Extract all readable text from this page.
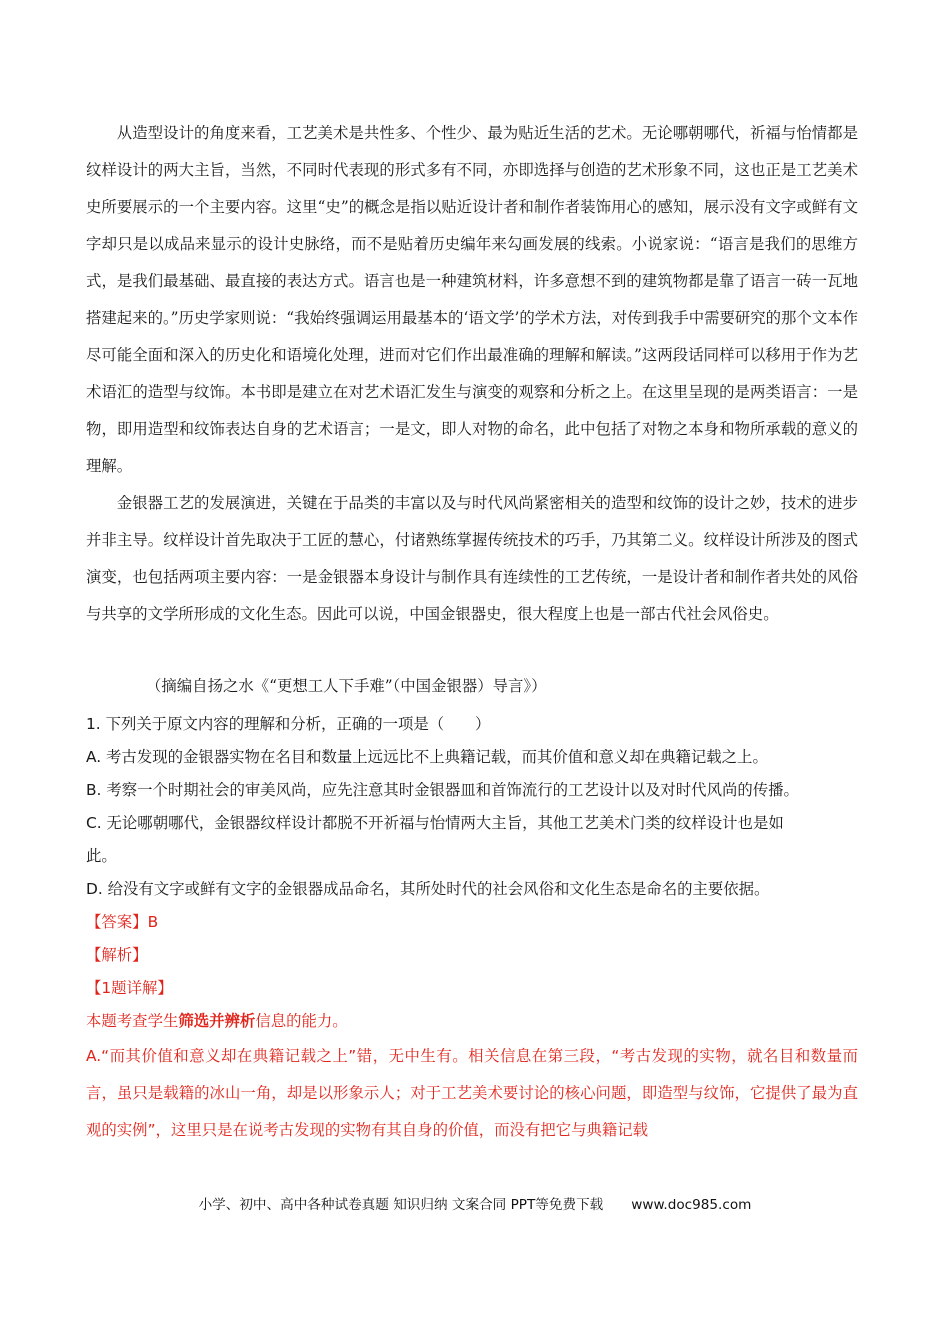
从造型设计的角度来看，工艺美术是共性多、个性少、最为贴近生活的艺术。无论哪朝哪代，祈福与怡情都是纹样设计的两大主旨，当然，不同时代表现的形式多有不同，亦即选择与创造的艺术形象不同，这也正是工艺美术史所要展示的一个主要内容。这里“史”的概念是指以贴近设计者和制作者装饰用心的感知，展示没有文字或鲜有文字却只是以成品来显示的设计史脉络，而不是贴着历史编年来勾画发展的线索。小说家说：“语言是我们的思维方式，是我们最基础、最直接的表达方式。语言也是一种建筑材料，许多意想不到的建筑物都是靠了语言一砖一瓦地搭建起来的。”历史学家则说：“我始终强调运用最基本的‘语文学’的学术方法，对传到我手中需要研究的那个文本作尽可能全面和深入的历史化和语境化处理，进而对它们作出最准确的理解和解读。”这两段话同样可以移用于作为艺术语汇的造型与纹饰。本书即是建立在对艺术语汇发生与演变的观察和分析之上。在这里呈现的是两类语言：一是物，即用造型和纹饰表达自身的艺术语言；一是文，即人对物的命名，此中包括了对物之本身和物所承载的意义的理解。

金银器工艺的发展演进，关键在于品类的丰富以及与时代风尚紧密相关的造型和纹饰的设计之妙，技术的进步并非主导。纹样设计首先取决于工匠的慧心，付诸熟练掌握传统技术的巧手，乃其第二义。纹样设计所涉及的图式演变，也包括两项主要内容：一是金银器本身设计与制作具有连续性的工艺传统，一是设计者和制作者共处的风俗与共享的文学所形成的文化生态。因此可以说，中国金银器史，很大程度上也是一部古代社会风俗史。

（摘编自扬之水《“更想工人下手难”（中国金银器）导言》）
1. 下列关于原文内容的理解和分析，正确的一项是（　　）
A. 考古发现的金银器实物在名目和数量上远远比不上典籍记载，而其价值和意义却在典籍记载之上。
B. 考察一个时期社会的审美风尚，应先注意其时金银器皿和首饰流行的工艺设计以及对时代风尚的传播。
C. 无论哪朝哪代，金银器纹样设计都脱不开祈福与怡情两大主旨，其他工艺美术门类的纹样设计也是如
此。
D. 给没有文字或鲜有文字的金银器成品命名，其所处时代的社会风俗和文化生态是命名的主要依据。
【答案】B
【解析】
【1题详解】
本题考查学生筛选并辨析信息的能力。
A.“而其价值和意义却在典籍记载之上”错，无中生有。相关信息在第三段，“考古发现的实物，就名目和数量而言，虽只是载籍的冰山一角，却是以形象示人；对于工艺美术要讨论的核心问题，即造型与纹饰，它提供了最为直观的实例”，这里只是在说考古发现的实物有其自身的价值，而没有把它与典籍记载
小学、初中、高中各种试卷真题 知识归纳 文案合同 PPT等免费下载 www.doc985.com
